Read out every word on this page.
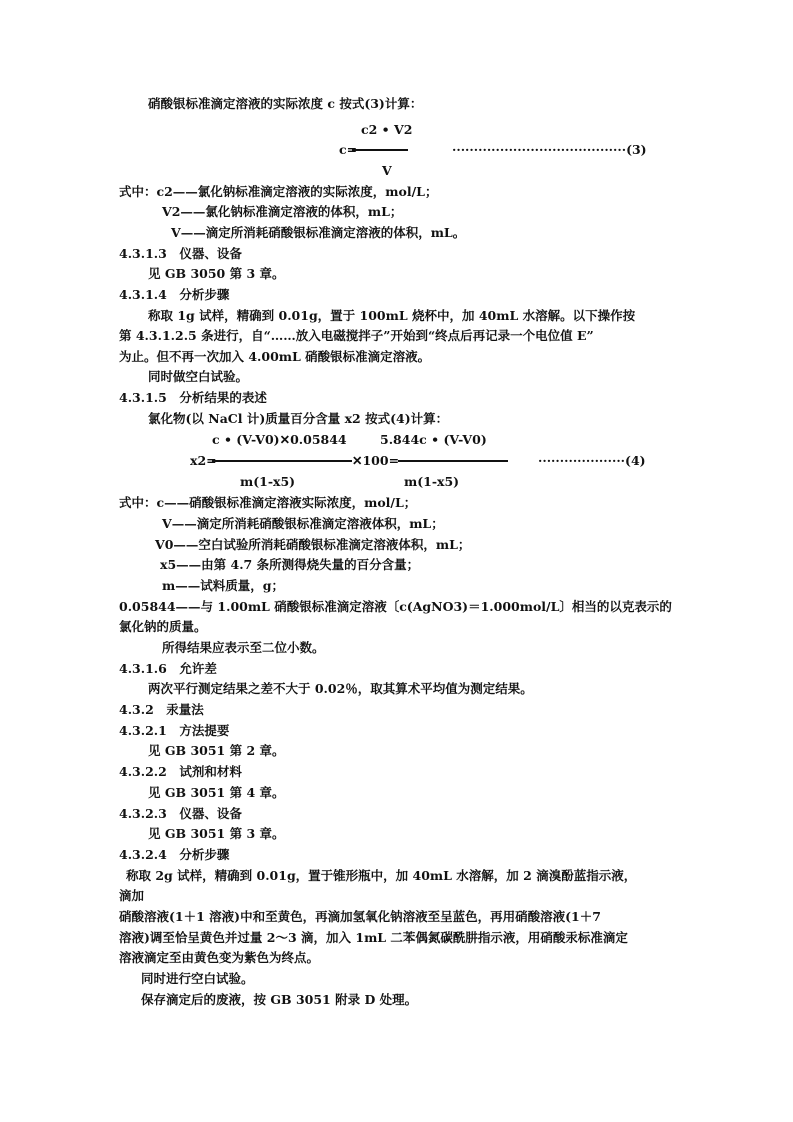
硝酸银标准滴定溶液的实际浓度 c 按式(3)计算：
c2 • V2
c=	········································(3)
V
式中：c2——氯化钠标准滴定溶液的实际浓度，mol/L；
V2——氯化钠标准滴定溶液的体积，mL；
V——滴定所消耗硝酸银标准滴定溶液的体积，mL。
4.3.1.3　仪器、设备
见 GB 3050 第 3 章。
4.3.1.4　分析步骤
称取 1g 试样，精确到 0.01g，置于 100mL 烧杯中，加 40mL 水溶解。以下操作按
第 4.3.1.2.5 条进行，自“……放入电磁搅拌子”开始到“终点后再记录一个电位值 E”
为止。但不再一次加入 4.00mL 硝酸银标准滴定溶液。
同时做空白试验。
4.3.1.5　分析结果的表述
氯化物(以 NaCl 计)质量百分含量 x2 按式(4)计算：
c • (V-V0)✕0.05844	5.844c • (V-V0)
x2=	✕100=	····················(4)
m(1-x5)	m(1-x5)
式中：c——硝酸银标准滴定溶液实际浓度，mol/L；
V——滴定所消耗硝酸银标准滴定溶液体积，mL；
V0——空白试验所消耗硝酸银标准滴定溶液体积，mL；
x5——由第 4.7 条所测得烧失量的百分含量；
m——试料质量，g；
0.05844——与 1.00mL 硝酸银标准滴定溶液〔c(AgNO3)＝1.000mol/L〕相当的以克表示的
氯化钠的质量。
所得结果应表示至二位小数。
4.3.1.6　允许差
两次平行测定结果之差不大于 0.02％，取其算术平均值为测定结果。
4.3.2　汞量法
4.3.2.1　方法提要
见 GB 3051 第 2 章。
4.3.2.2　试剂和材料
见 GB 3051 第 4 章。
4.3.2.3　仪器、设备
见 GB 3051 第 3 章。
4.3.2.4　分析步骤
称取 2g 试样，精确到 0.01g，置于锥形瓶中，加 40mL 水溶解，加 2 滴溴酚蓝指示液，
滴加
硝酸溶液(1＋1 溶液)中和至黄色，再滴加氢氧化钠溶液至呈蓝色，再用硝酸溶液(1＋7
溶液)调至恰呈黄色并过量 2～3 滴，加入 1mL 二苯偶氮碳酰肼指示液，用硝酸汞标准滴定
溶液滴定至由黄色变为紫色为终点。
同时进行空白试验。
保存滴定后的废液，按 GB 3051 附录 D 处理。
